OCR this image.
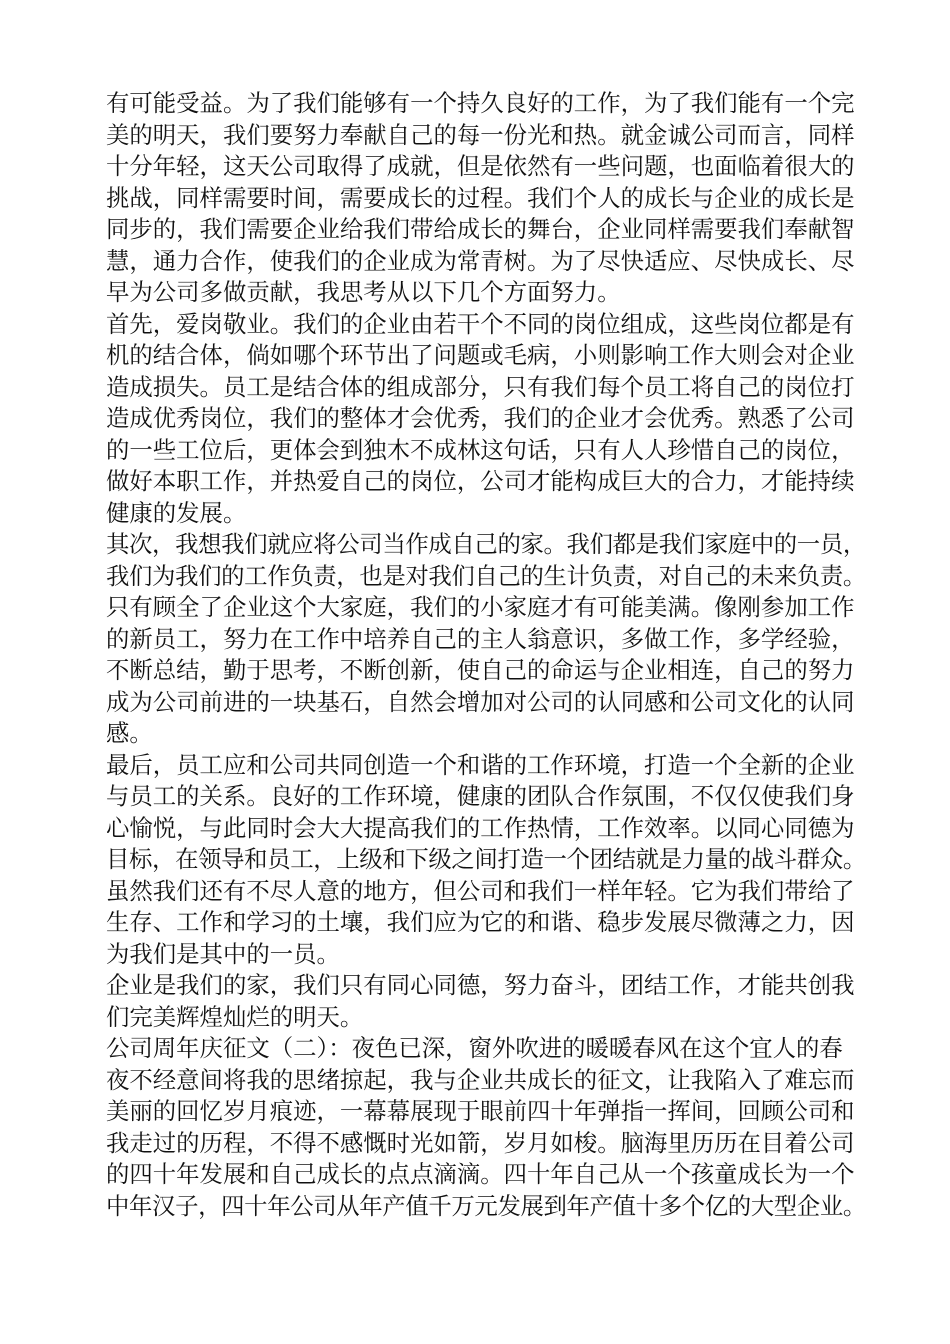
有可能受益。为了我们能够有一个持久良好的工作，为了我们能有一个完
美的明天，我们要努力奉献自己的每一份光和热。就金诚公司而言，同样
十分年轻，这天公司取得了成就，但是依然有一些问题，也面临着很大的
挑战，同样需要时间，需要成长的过程。我们个人的成长与企业的成长是
同步的，我们需要企业给我们带给成长的舞台，企业同样需要我们奉献智
慧，通力合作，使我们的企业成为常青树。为了尽快适应、尽快成长、尽
早为公司多做贡献，我思考从以下几个方面努力。
首先，爱岗敬业。我们的企业由若干个不同的岗位组成，这些岗位都是有
机的结合体，倘如哪个环节出了问题或毛病，小则影响工作大则会对企业
造成损失。员工是结合体的组成部分，只有我们每个员工将自己的岗位打
造成优秀岗位，我们的整体才会优秀，我们的企业才会优秀。熟悉了公司
的一些工位后，更体会到独木不成林这句话，只有人人珍惜自己的岗位，
做好本职工作，并热爱自己的岗位，公司才能构成巨大的合力，才能持续
健康的发展。
其次，我想我们就应将公司当作成自己的家。我们都是我们家庭中的一员，
我们为我们的工作负责，也是对我们自己的生计负责，对自己的未来负责。
只有顾全了企业这个大家庭，我们的小家庭才有可能美满。像刚参加工作
的新员工，努力在工作中培养自己的主人翁意识，多做工作，多学经验，
不断总结，勤于思考，不断创新，使自己的命运与企业相连，自己的努力
成为公司前进的一块基石，自然会增加对公司的认同感和公司文化的认同
感。
最后，员工应和公司共同创造一个和谐的工作环境，打造一个全新的企业
与员工的关系。良好的工作环境，健康的团队合作氛围，不仅仅使我们身
心愉悦，与此同时会大大提高我们的工作热情，工作效率。以同心同德为
目标，在领导和员工，上级和下级之间打造一个团结就是力量的战斗群众。
虽然我们还有不尽人意的地方，但公司和我们一样年轻。它为我们带给了
生存、工作和学习的土壤，我们应为它的和谐、稳步发展尽微薄之力，因
为我们是其中的一员。
企业是我们的家，我们只有同心同德，努力奋斗，团结工作，才能共创我
们完美辉煌灿烂的明天。
公司周年庆征文（二）：夜色已深，窗外吹进的暖暖春风在这个宜人的春
夜不经意间将我的思绪掠起，我与企业共成长的征文，让我陷入了难忘而
美丽的回忆岁月痕迹，一幕幕展现于眼前四十年弹指一挥间，回顾公司和
我走过的历程，不得不感慨时光如箭，岁月如梭。脑海里历历在目着公司
的四十年发展和自己成长的点点滴滴。四十年自己从一个孩童成长为一个
中年汉子，四十年公司从年产值千万元发展到年产值十多个亿的大型企业。
